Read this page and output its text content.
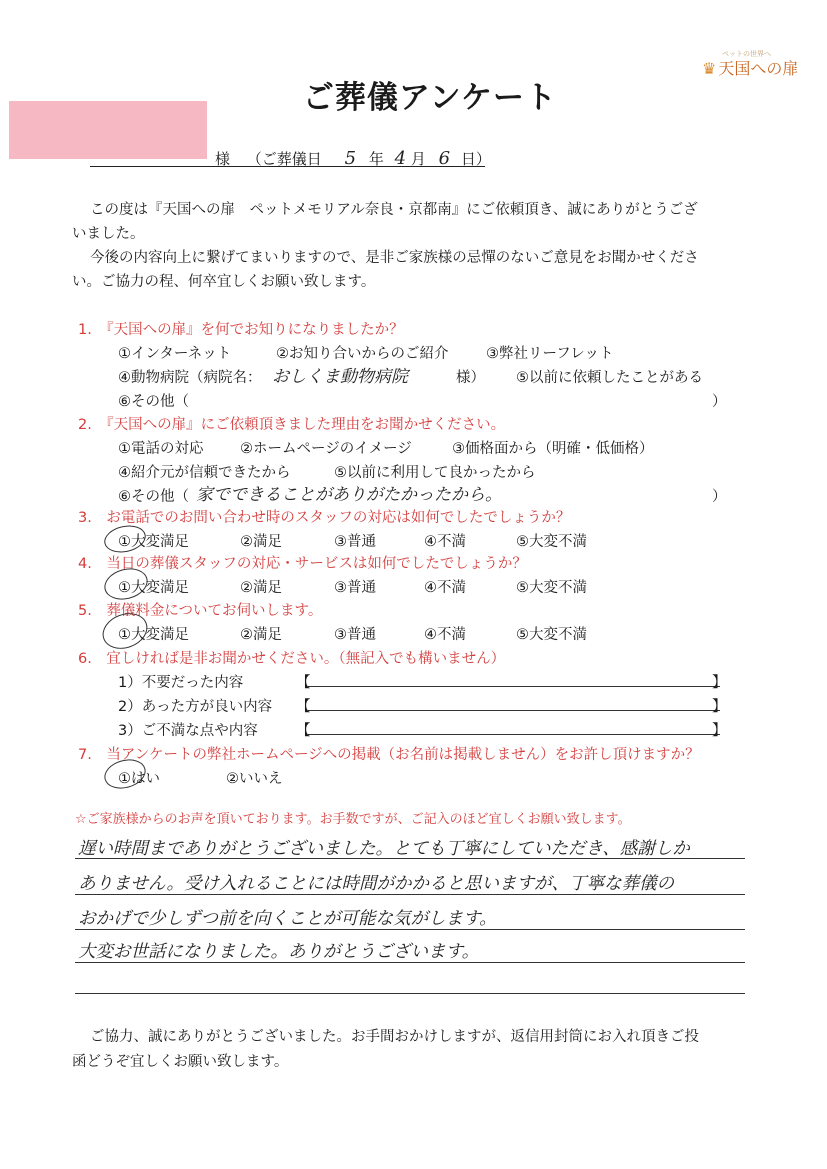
ペットの世界へ
♛ 天国への扉
ご葬儀アンケート
様 （ご葬儀日 5 年 4 月 6 日）
この度は『天国への扉　ペットメモリアル奈良・京都南』にご依頼頂き、誠にありがとうござ
いました。
今後の内容向上に繋げてまいりますので、是非ご家族様の忌憚のないご意見をお聞かせくださ
い。ご協力の程、何卒宜しくお願い致します。
1.　『天国への扉』を何でお知りになりましたか？
①インターネット	②お知り合いからのご紹介	③弊社リーフレット
④動物病院（病院名： おしくま動物病院	様） ⑤以前に依頼したことがある
⑥その他（	）
2.　『天国への扉』にご依頼頂きました理由をお聞かせください。
①電話の対応	②ホームページのイメージ	③価格面から（明確・低価格）
④紹介元が信頼できたから	⑤以前に利用して良かったから
⑥その他（ 家でできることがありがたかったから。	）
3.　お電話でのお問い合わせ時のスタッフの対応は如何でしたでしょうか？
①大変満足	②満足	③普通	④不満	⑤大変不満
4.　当日の葬儀スタッフの対応・サービスは如何でしたでしょうか？
①大変満足	②満足	③普通	④不満	⑤大変不満
5.　葬儀料金についてお伺いします。
①大変満足	②満足	③普通	④不満	⑤大変不満
6.　宜しければ是非お聞かせください。（無記入でも構いません）
1）不要だった内容	【	】
2）あった方が良い内容 【	】
3）ご不満な点や内容	【	】
7.　当アンケートの弊社ホームページへの掲載（お名前は掲載しません）をお許し頂けますか？
①はい	②いいえ
☆ご家族様からのお声を頂いております。お手数ですが、ご記入のほど宜しくお願い致します。
遅い時間までありがとうございました。とても丁寧にしていただき、感謝しか
ありません。受け入れることには時間がかかると思いますが、丁寧な葬儀の
おかげで少しずつ前を向くことが可能な気がします。
大変お世話になりました。ありがとうございます。
ご協力、誠にありがとうございました。お手間おかけしますが、返信用封筒にお入れ頂きご投
函どうぞ宜しくお願い致します。
